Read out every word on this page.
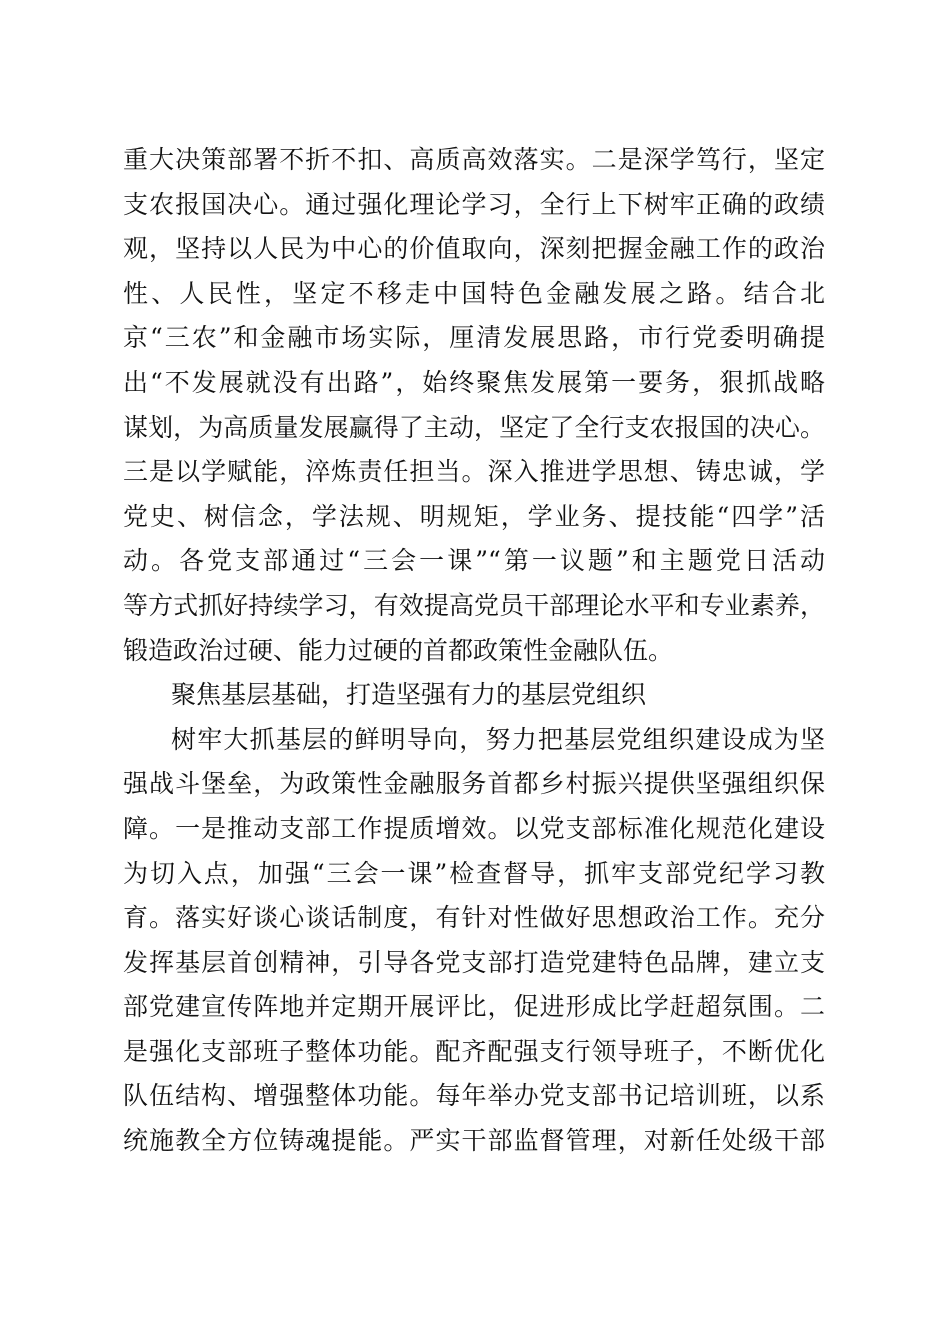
重大决策部署不折不扣、高质高效落实。二是深学笃行，坚定
支农报国决心。通过强化理论学习，全行上下树牢正确的政绩
观，坚持以人民为中心的价值取向，深刻把握金融工作的政治
性、人民性，坚定不移走中国特色金融发展之路。结合北
京“三农”和金融市场实际，厘清发展思路，市行党委明确提
出“不发展就没有出路”，始终聚焦发展第一要务，狠抓战略
谋划，为高质量发展赢得了主动，坚定了全行支农报国的决心。
三是以学赋能，淬炼责任担当。深入推进学思想、铸忠诚，学
党史、树信念，学法规、明规矩，学业务、提技能“四学”活
动。各党支部通过“三会一课”“第一议题”和主题党日活动
等方式抓好持续学习，有效提高党员干部理论水平和专业素养，
锻造政治过硬、能力过硬的首都政策性金融队伍。
聚焦基层基础，打造坚强有力的基层党组织
树牢大抓基层的鲜明导向，努力把基层党组织建设成为坚
强战斗堡垒，为政策性金融服务首都乡村振兴提供坚强组织保
障。一是推动支部工作提质增效。以党支部标准化规范化建设
为切入点，加强“三会一课”检查督导，抓牢支部党纪学习教
育。落实好谈心谈话制度，有针对性做好思想政治工作。充分
发挥基层首创精神，引导各党支部打造党建特色品牌，建立支
部党建宣传阵地并定期开展评比，促进形成比学赶超氛围。二
是强化支部班子整体功能。配齐配强支行领导班子，不断优化
队伍结构、增强整体功能。每年举办党支部书记培训班，以系
统施教全方位铸魂提能。严实干部监督管理，对新任处级干部
